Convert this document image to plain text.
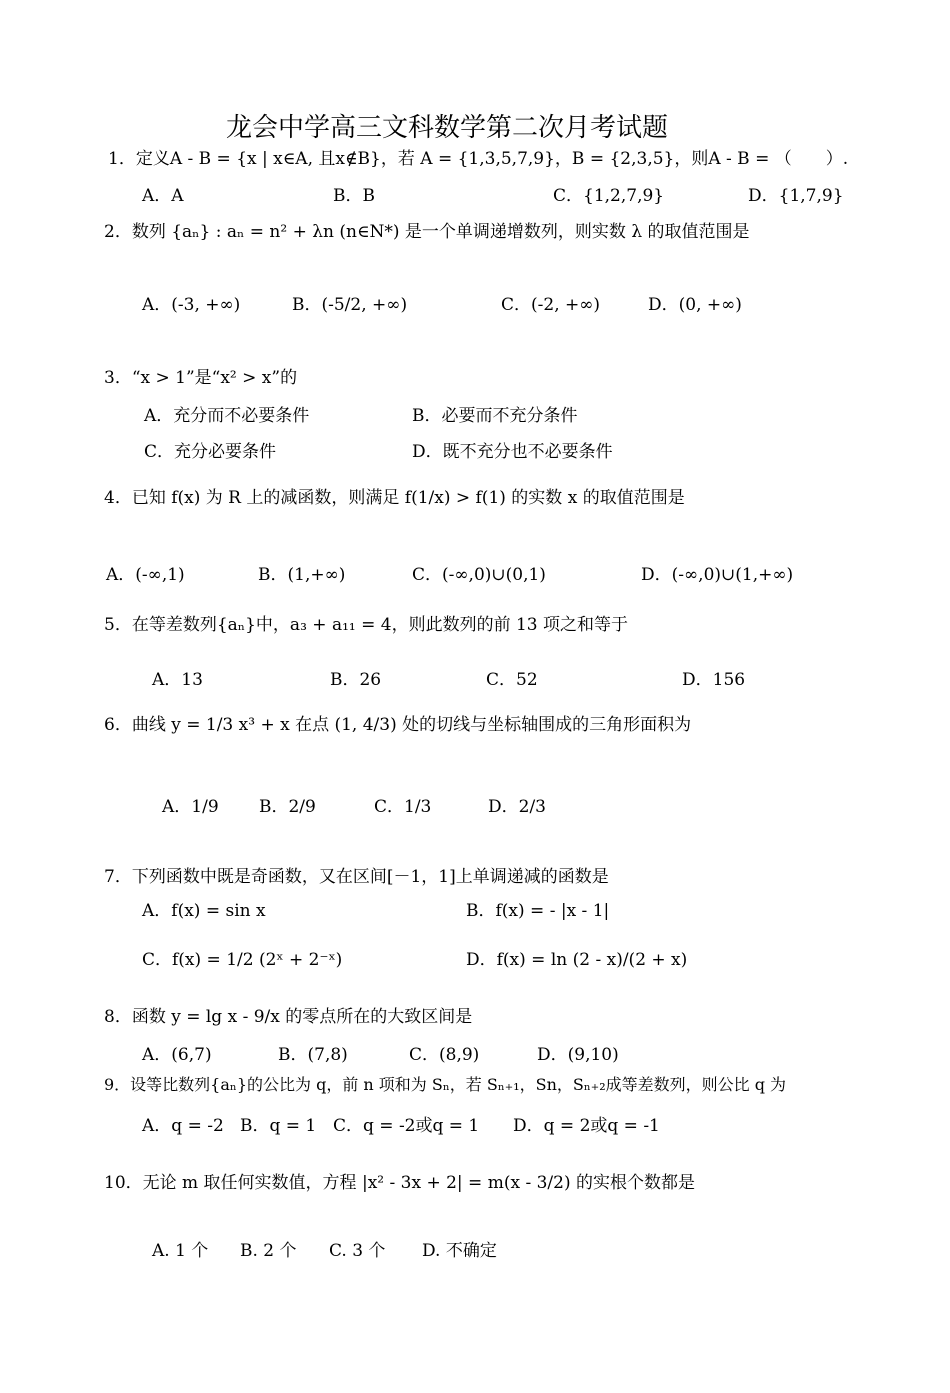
龙会中学高三文科数学第二次月考试题
1．定义A - B = {x | x∈A, 且x∉B}，若 A = {1,3,5,7,9}，B = {2,3,5}，则A - B = （　　）.
A．A	B．B	C．{1,2,7,9}	D．{1,7,9}
2．数列 {aₙ} : aₙ = n² + λn (n∈N*) 是一个单调递增数列，则实数 λ 的取值范围是
A．(-3, +∞)	B．(-5/2, +∞)	C．(-2, +∞)	D．(0, +∞)
3．“x > 1”是“x² > x”的
A．充分而不必要条件	B．必要而不充分条件
C．充分必要条件	D．既不充分也不必要条件
4．已知 f(x) 为 R 上的减函数，则满足 f(1/x) > f(1) 的实数 x 的取值范围是
A．(-∞,1)	B．(1,+∞)	C．(-∞,0)∪(0,1)	D．(-∞,0)∪(1,+∞)
5．在等差数列{aₙ}中，a₃ + a₁₁ = 4，则此数列的前 13 项之和等于
A．13	B．26	C．52	D．156
6．曲线 y = 1/3 x³ + x 在点 (1, 4/3) 处的切线与坐标轴围成的三角形面积为
A．1/9 B．2/9	C．1/3	D．2/3
7．下列函数中既是奇函数，又在区间[－1，1]上单调递减的函数是
A．f(x) = sin x	B．f(x) = - |x - 1|
C．f(x) = 1/2 (2ˣ + 2⁻ˣ)	D．f(x) = ln (2 - x)/(2 + x)
8．函数 y = lg x - 9/x 的零点所在的大致区间是
A．(6,7)	B．(7,8)	C．(8,9)	D．(9,10)
9．设等比数列{aₙ}的公比为 q，前 n 项和为 Sₙ，若 Sₙ₊₁，Sn，Sₙ₊₂成等差数列，则公比 q 为
A．q = -2 B．q = 1 C．q = -2或q = 1 D．q = 2或q = -1
10．无论 m 取任何实数值，方程 |x² - 3x + 2| = m(x - 3/2) 的实根个数都是
A. 1 个 B. 2 个 C. 3 个 D. 不确定
